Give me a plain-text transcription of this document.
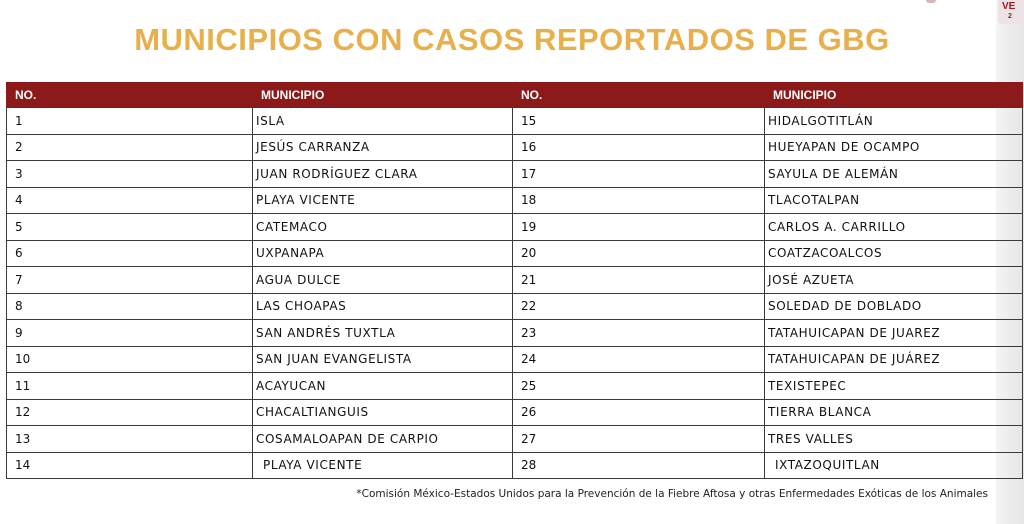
VE
2
MUNICIPIOS CON CASOS REPORTADOS DE GBG
NO.	MUNICIPIO	NO.	MUNICIPIO
1	ISLA	15	HIDALGOTITLÁN
2	JESÚS CARRANZA	16	HUEYAPAN DE OCAMPO
3	JUAN RODRÍGUEZ CLARA	17	SAYULA DE ALEMÁN
4	PLAYA VICENTE	18	TLACOTALPAN
5	CATEMACO	19	CARLOS A. CARRILLO
6	UXPANAPA	20	COATZACOALCOS
7	AGUA DULCE	21	JOSÉ AZUETA
8	LAS CHOAPAS	22	SOLEDAD DE DOBLADO
9	SAN ANDRÉS TUXTLA	23	TATAHUICAPAN DE JUAREZ
10	SAN JUAN EVANGELISTA	24	TATAHUICAPAN DE JUÁREZ
11	ACAYUCAN	25	TEXISTEPEC
12	CHACALTIANGUIS	26	TIERRA BLANCA
13	COSAMALOAPAN DE CARPIO	27	TRES VALLES
14	PLAYA VICENTE	28	IXTAZOQUITLAN

*Comisión México-Estados Unidos para la Prevención de la Fiebre Aftosa y otras Enfermedades Exóticas de los Animales
